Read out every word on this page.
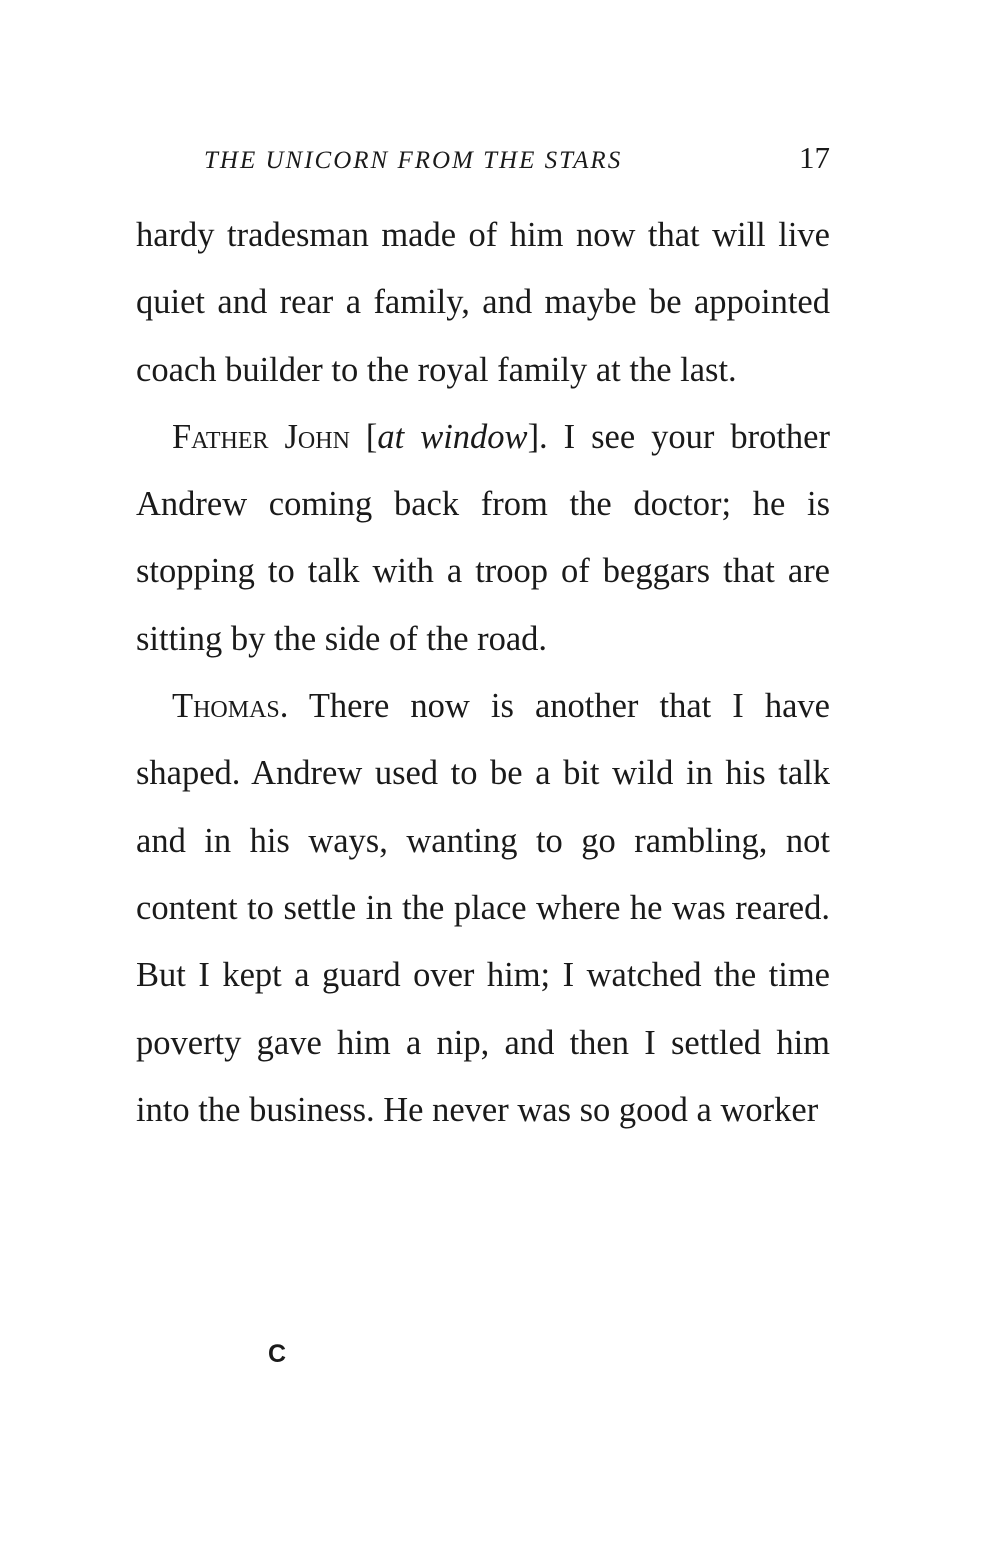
THE UNICORN FROM THE STARS	17

hardy tradesman made of him now that will live quiet and rear a family, and maybe be appointed coach builder to the royal family at the last.

Father John [at window]. I see your brother Andrew coming back from the doctor; he is stopping to talk with a troop of beggars that are sitting by the side of the road.

Thomas. There now is another that I have shaped. Andrew used to be a bit wild in his talk and in his ways, wanting to go rambling, not content to settle in the place where he was reared. But I kept a guard over him; I watched the time poverty gave him a nip, and then I settled him into the business. He never was so good a worker

C
